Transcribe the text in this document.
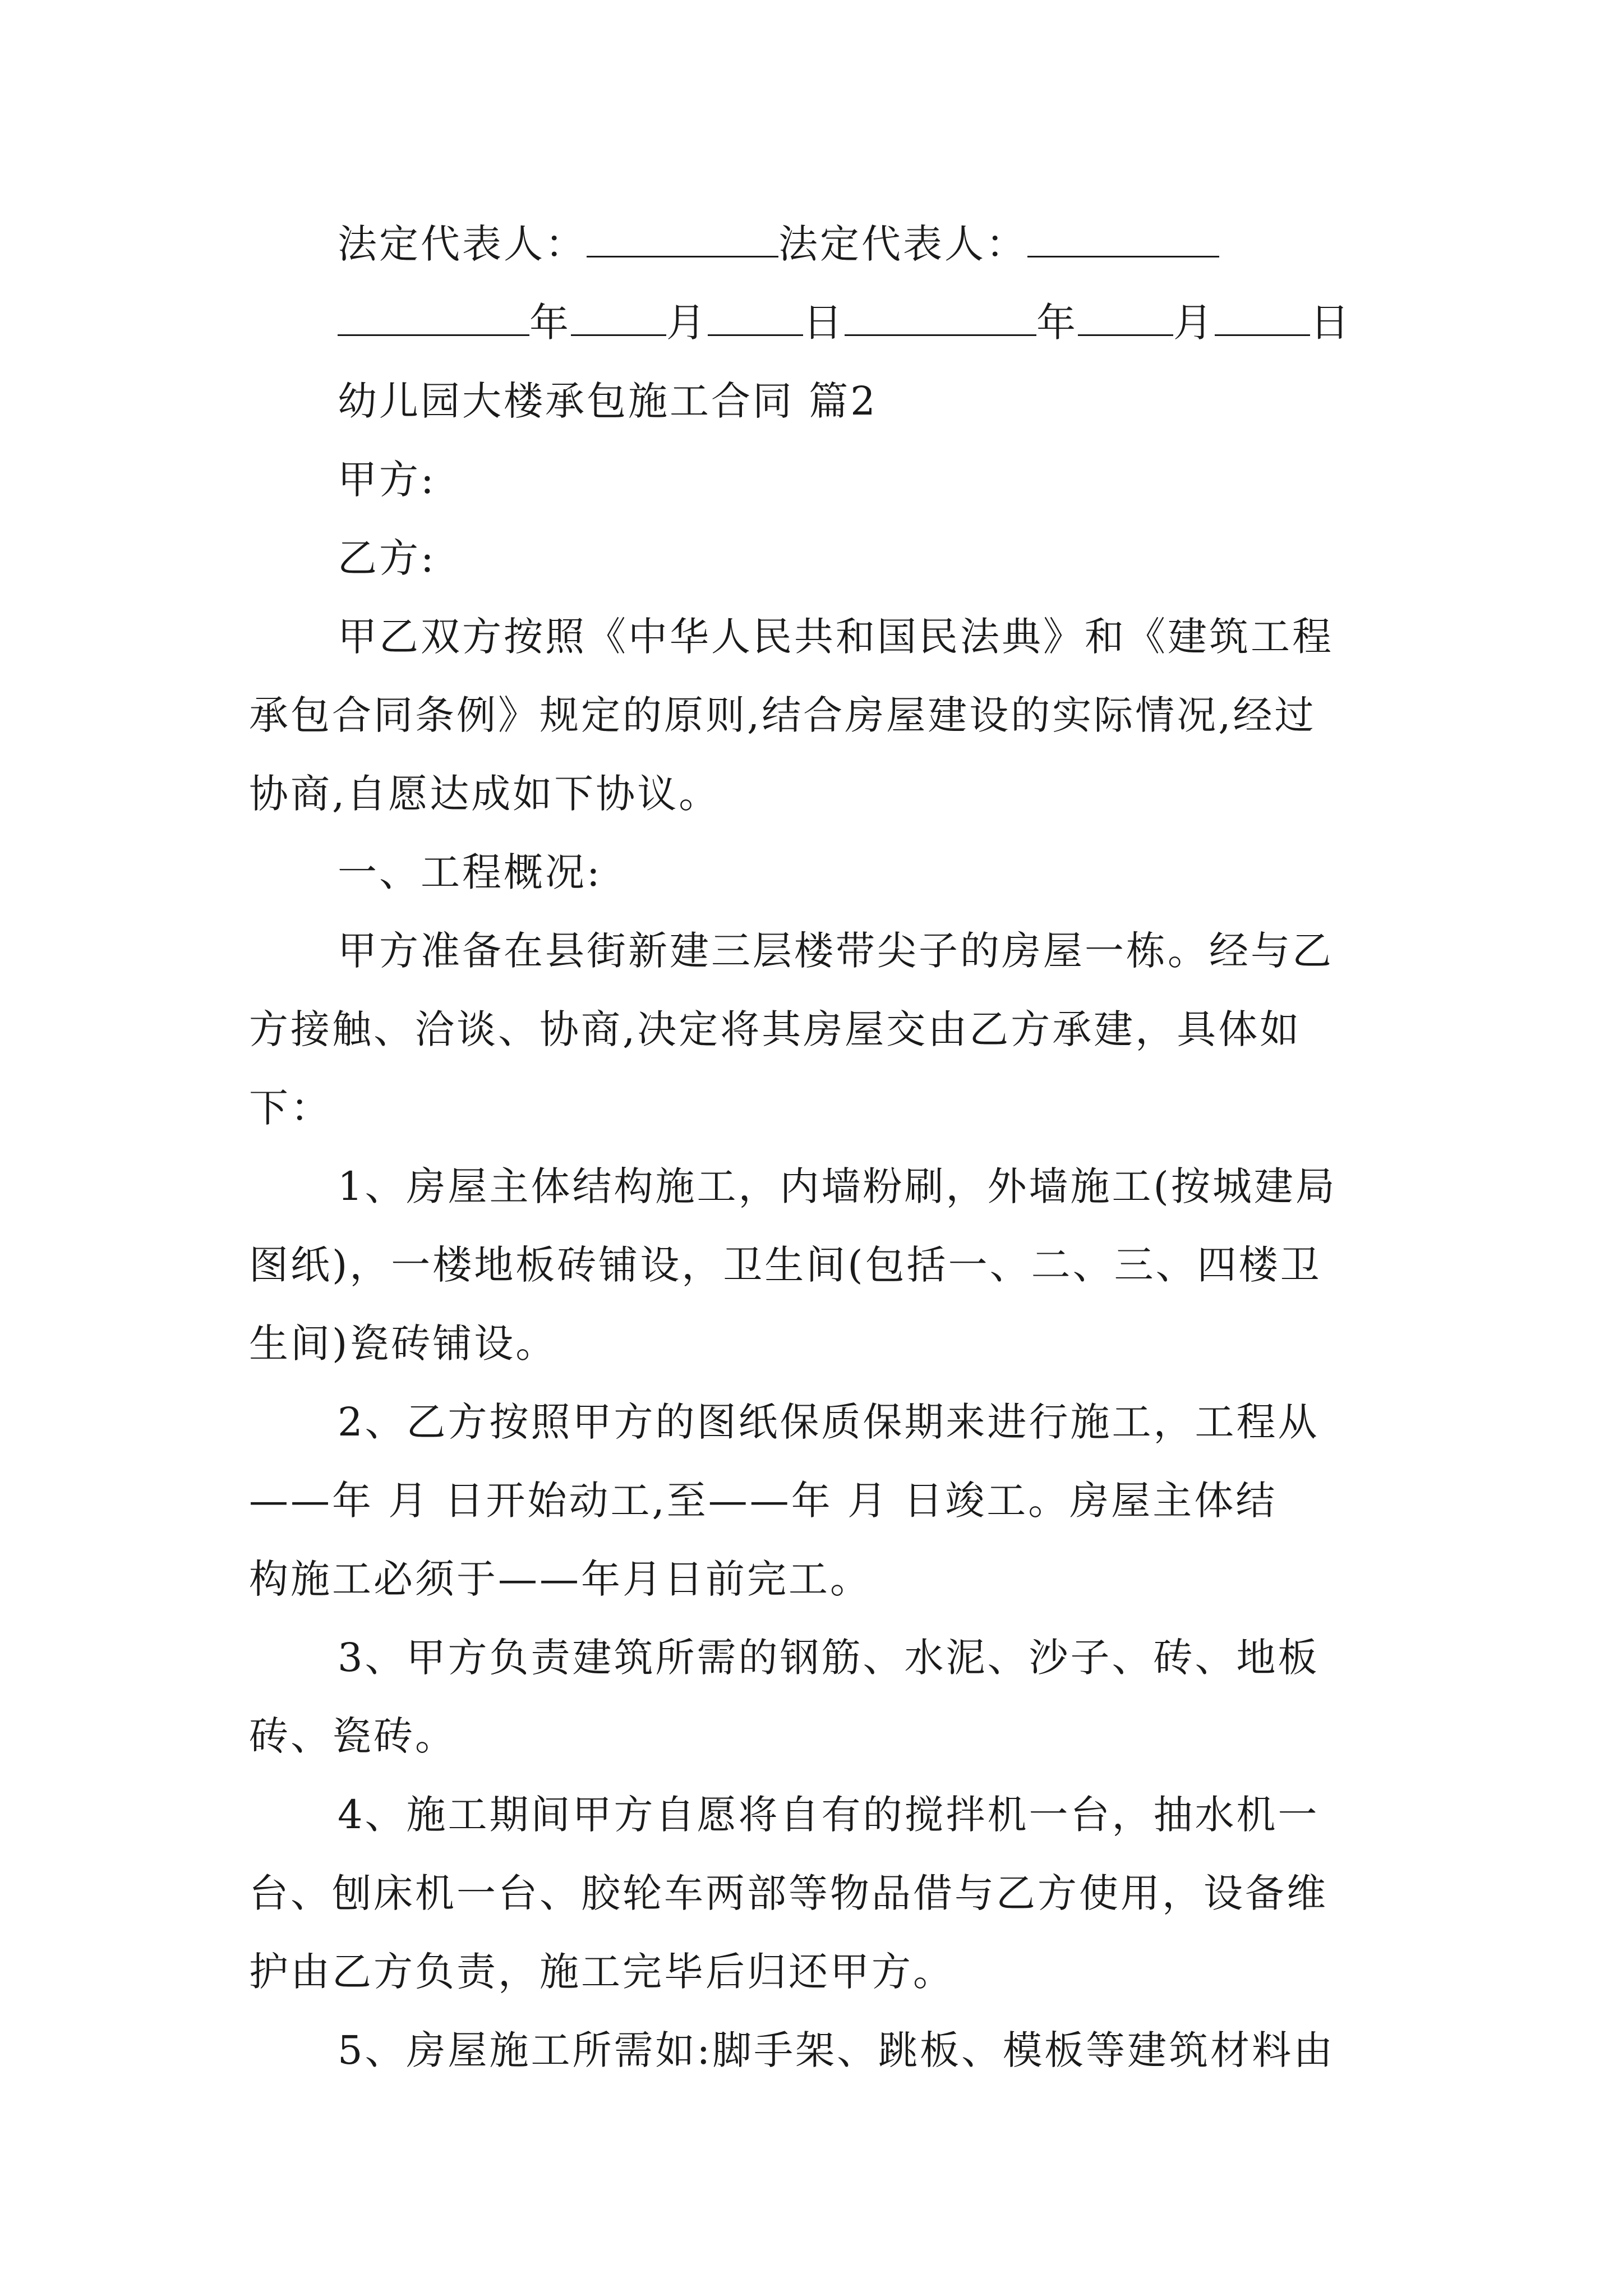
法定代表人：	法定代表人：
年 月 日	年 月 日
幼儿园大楼承包施工合同 篇2
甲方:
乙方:
甲乙双方按照《中华人民共和国民法典》和《建筑工程
承包合同条例》规定的原则,结合房屋建设的实际情况,经过
协商,自愿达成如下协议。
一、工程概况:
甲方准备在县街新建三层楼带尖子的房屋一栋。经与乙
方接触、洽谈、协商,决定将其房屋交由乙方承建，具体如
下：
1、房屋主体结构施工，内墙粉刷，外墙施工(按城建局
图纸)，一楼地板砖铺设，卫生间(包括一、二、三、四楼卫
生间)瓷砖铺设。
2、乙方按照甲方的图纸保质保期来进行施工，工程从
——年 月 日开始动工,至——年 月 日竣工。房屋主体结
构施工必须于——年月日前完工。
3、甲方负责建筑所需的钢筋、水泥、沙子、砖、地板
砖、瓷砖。
4、施工期间甲方自愿将自有的搅拌机一台，抽水机一
台、刨床机一台、胶轮车两部等物品借与乙方使用，设备维
护由乙方负责，施工完毕后归还甲方。
5、房屋施工所需如:脚手架、跳板、模板等建筑材料由
